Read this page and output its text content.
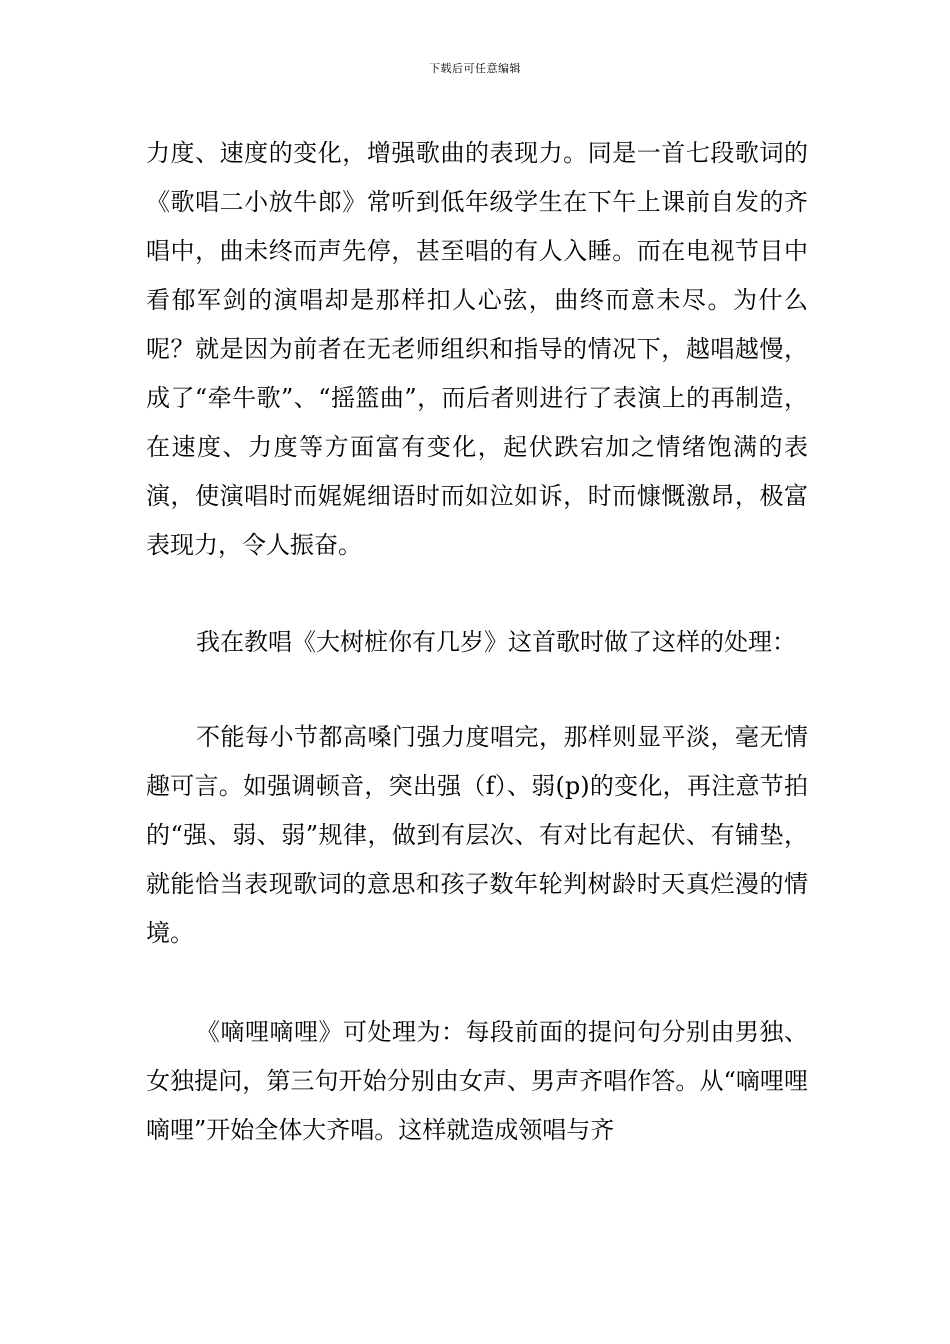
下载后可任意编辑

力度、速度的变化，增强歌曲的表现力。同是一首七段歌词的《歌唱二小放牛郎》常听到低年级学生在下午上课前自发的齐唱中，曲未终而声先停，甚至唱的有人入睡。而在电视节目中看郁军剑的演唱却是那样扣人心弦，曲终而意未尽。为什么呢？就是因为前者在无老师组织和指导的情况下，越唱越慢，成了“牵牛歌”、“摇篮曲”，而后者则进行了表演上的再制造，在速度、力度等方面富有变化，起伏跌宕加之情绪饱满的表演，使演唱时而娓娓细语时而如泣如诉，时而慷慨激昂，极富表现力，令人振奋。

我在教唱《大树桩你有几岁》这首歌时做了这样的处理：

不能每小节都高嗓门强力度唱完，那样则显平淡，毫无情趣可言。如强调顿音，突出强（f）、弱(p)的变化，再注意节拍的“强、弱、弱”规律，做到有层次、有对比有起伏、有铺垫，就能恰当表现歌词的意思和孩子数年轮判树龄时天真烂漫的情境。

《嘀哩嘀哩》可处理为：每段前面的提问句分别由男独、女独提问，第三句开始分别由女声、男声齐唱作答。从“嘀哩哩嘀哩”开始全体大齐唱。这样就造成领唱与齐
